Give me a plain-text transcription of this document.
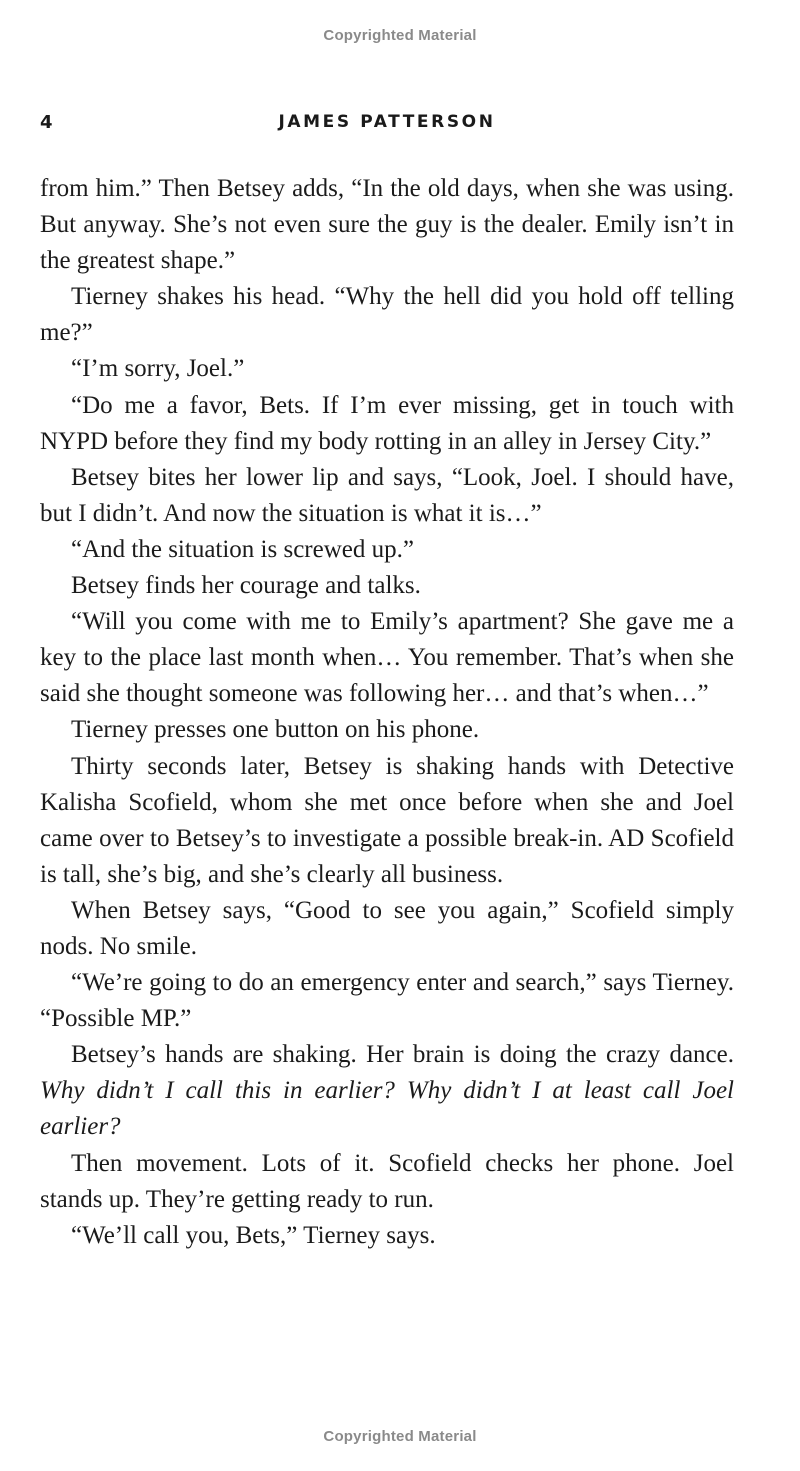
Copyrighted Material
4	JAMES PATTERSON

from him.” Then Betsey adds, “In the old days, when she was using. But anyway. She’s not even sure the guy is the dealer. Emily isn’t in the greatest shape.”

Tierney shakes his head. “Why the hell did you hold off telling me?”

“I’m sorry, Joel.”

“Do me a favor, Bets. If I’m ever missing, get in touch with NYPD before they find my body rotting in an alley in Jersey City.”

Betsey bites her lower lip and says, “Look, Joel. I should have, but I didn’t. And now the situation is what it is…”

“And the situation is screwed up.”

Betsey finds her courage and talks.

“Will you come with me to Emily’s apartment? She gave me a key to the place last month when… You remember. That’s when she said she thought someone was following her… and that’s when…”

Tierney presses one button on his phone.

Thirty seconds later, Betsey is shaking hands with Detective Kalisha Scofield, whom she met once before when she and Joel came over to Betsey’s to investigate a possible break-in. AD Scofield is tall, she’s big, and she’s clearly all business.

When Betsey says, “Good to see you again,” Scofield simply nods. No smile.

“We’re going to do an emergency enter and search,” says Tierney. “Possible MP.”

Betsey’s hands are shaking. Her brain is doing the crazy dance. Why didn’t I call this in earlier? Why didn’t I at least call Joel earlier?

Then movement. Lots of it. Scofield checks her phone. Joel stands up. They’re getting ready to run.

“We’ll call you, Bets,” Tierney says.

Copyrighted Material
